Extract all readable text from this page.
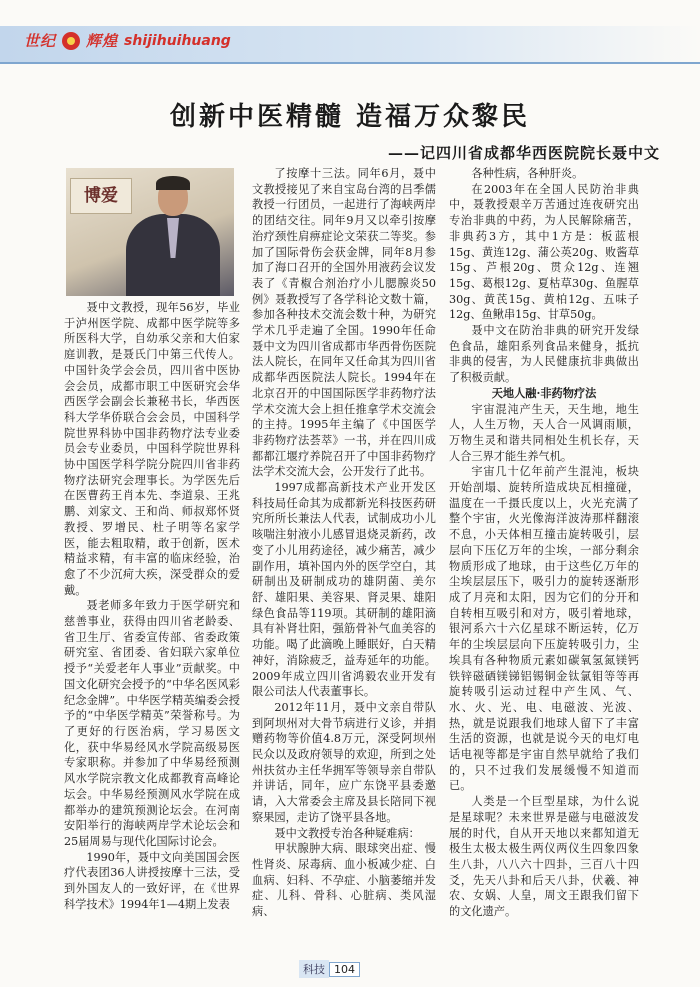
世纪 辉煌 shijihuihuang
创新中医精髓 造福万众黎民
——记四川省成都华西医院院长聂中文
博爱

聂中文教授，现年56岁，毕业于泸州医学院、成都中医学院等多所医科大学，自幼承父亲和大伯家庭训教，是聂氏门中第三代传人。中国针灸学会会员，四川省中医协会会员，成都市职工中医研究会华西医学会副会长兼秘书长，华西医科大学华侨联合会会员，中国科学院世界科协中国非药物疗法专业委员会专业委员，中国科学院世界科协中国医学科学院分院四川省非药物疗法研究会理事长。为学医先后在医曹药王肖本先、李道泉、王兆鹏、刘家文、王和尚、师叔郑怀贤教授、罗增民、杜子明等名家学医，能去粗取精，敢于创新，医术精益求精，有丰富的临床经验，治愈了不少沉疴大疾，深受群众的爱戴。

聂老师多年致力于医学研究和慈善事业，获得由四川省老龄委、省卫生厅、省委宣传部、省委政策研究室、省团委、省妇联六家单位授予“关爱老年人事业”贡献奖。中国文化研究会授予的“中华名医风彩纪念金牌”。中华医学精英编委会授予的“中华医学精英”荣誉称号。为了更好的行医治病，学习易医文化，获中华易经风水学院高级易医专家职称。并参加了中华易经预测风水学院宗教文化成都教育高峰论坛会。中华易经预测风水学院在成都举办的建筑预测论坛会。在河南安阳举行的海峡两岸学术论坛会和25届周易与现代化国际讨论会。

1990年，聂中文向美国国会医疗代表团36人讲授按摩十三法，受到外国友人的一致好评，在《世界科学技术》1994年1—4期上发表

了按摩十三法。同年6月，聂中文教授接见了来自宝岛台湾的吕季儒教授一行团员，一起进行了海峡两岸的团结交往。同年9月又以牵引按摩治疗颈性肩痹症论文荣获二等奖。参加了国际骨伤会获金牌，同年8月参加了海口召开的全国外用液药会议发表了《青椒合剂治疗小儿腮腺炎50例》聂教授写了各学科论文数十篇，参加各种技术交流会数十种，为研究学术几乎走遍了全国。1990年任命聂中文为四川省成都市华西骨伤医院法人院长，在同年又任命其为四川省成都华西医院法人院长。1994年在北京召开的中国国际医学非药物疗法学术交流大会上担任推拿学术交流会的主持。1995年主编了《中国医学非药物疗法荟萃》一书，并在四川成都都江堰疗养院召开了中国非药物疗法学术交流大会，公开发行了此书。

1997成都高新技术产业开发区科技局任命其为成都新光科技医药研究所所长兼法人代表，试制成功小儿咳喘注射液小儿感冒退烧灵新药，改变了小儿用药途径，减少痛苦，减少副作用，填补国内外的医学空白，其研制出及研制成功的雄阴菌、美尔舒、雄阳果、美容果、肾灵果、雄阳绿色食品等119项。其研制的雄阳滴具有补肾壮阳，强筋骨补气血美容的功能。喝了此滴晚上睡眠好，白天精神好，消除疲乏，益寿延年的功能。2009年成立四川省鸿毅农业开发有限公司法人代表董事长。

2012年11月，聂中文亲自带队到阿坝州对大骨节病进行义诊，并捐赠药物等价值4.8万元，深受阿坝州民众以及政府领导的欢迎，所到之处州扶贫办主任华拥军等领导亲自带队并讲话，同年，应广东饶平县委邀请，入大常委会主席及县长陪同下视察果园，走访了饶平县各地。

聂中文教授专治各种疑难病：

甲状腺肿大病、眼球突出症、慢性肾炎、尿毒病、血小板减少症、白血病、妇科、不孕症、小脑萎缩并发症、儿科、骨科、心脏病、类风湿病、

各种性病，各种肝炎。

在2003年在全国人民防治非典中，聂教授艰辛万苦通过连夜研究出专治非典的中药，为人民解除痛苦，非典药3方，其中1方是：板蓝根15g、黄连12g、蒲公英20g、败酱草15g、芦根20g、贯众12g、连翘15g、葛根12g、夏枯草30g、鱼腥草30g、黄芪15g、黄柏12g、五味子12g、鱼鳅串15g、甘草50g。

聂中文在防治非典的研究开发绿色食品，雄阳系列食品来健身，抵抗非典的侵害，为人民健康抗非典做出了积极贡献。

天地人融·非药物疗法

宇宙混沌产生天，天生地，地生人，人生万物，天人合一风调雨顺，万物生灵和谐共同相处生机长存，天人合三界才能生养气机。

宇宙几十亿年前产生混沌，板块开始剖塌、旋转所造成块瓦相撞碰，温度在一千摄氏度以上，火光充满了整个宇宙，火光像海洋波涛那样翻滚不息，小天体相互撞击旋转吸引，层层向下压亿万年的尘埃，一部分剩余物质形成了地球，由于这些亿万年的尘埃层层压下，吸引力的旋转逐渐形成了月亮和太阳，因为它们的分开和自转相互吸引和对方，吸引着地球，银河系六十六亿星球不断运转，亿万年的尘埃层层向下压旋转吸引力，尘埃具有各种物质元素如碳氧氢氮镁钙铁锌磁硒镁锑铝锡铜金钛氯钼等等再旋转吸引运动过程中产生风、气、水、火、光、电、电磁波、光波、热，就是说跟我们地球人留下了丰富生活的资源，也就是说今天的电灯电话电视等都是宇宙自然早就给了我们的，只不过我们发展缓慢不知道而已。

人类是一个巨型星球，为什么说是星球呢？未来世界是磁与电磁波发展的时代，自从开天地以来都知道无极生太极太极生两仪两仪生四象四象生八卦，八八六十四卦，三百八十四爻，先天八卦和后天八卦，伏羲、神农、女娲、人皇，周文王跟我们留下的文化遗产。

科技 104
